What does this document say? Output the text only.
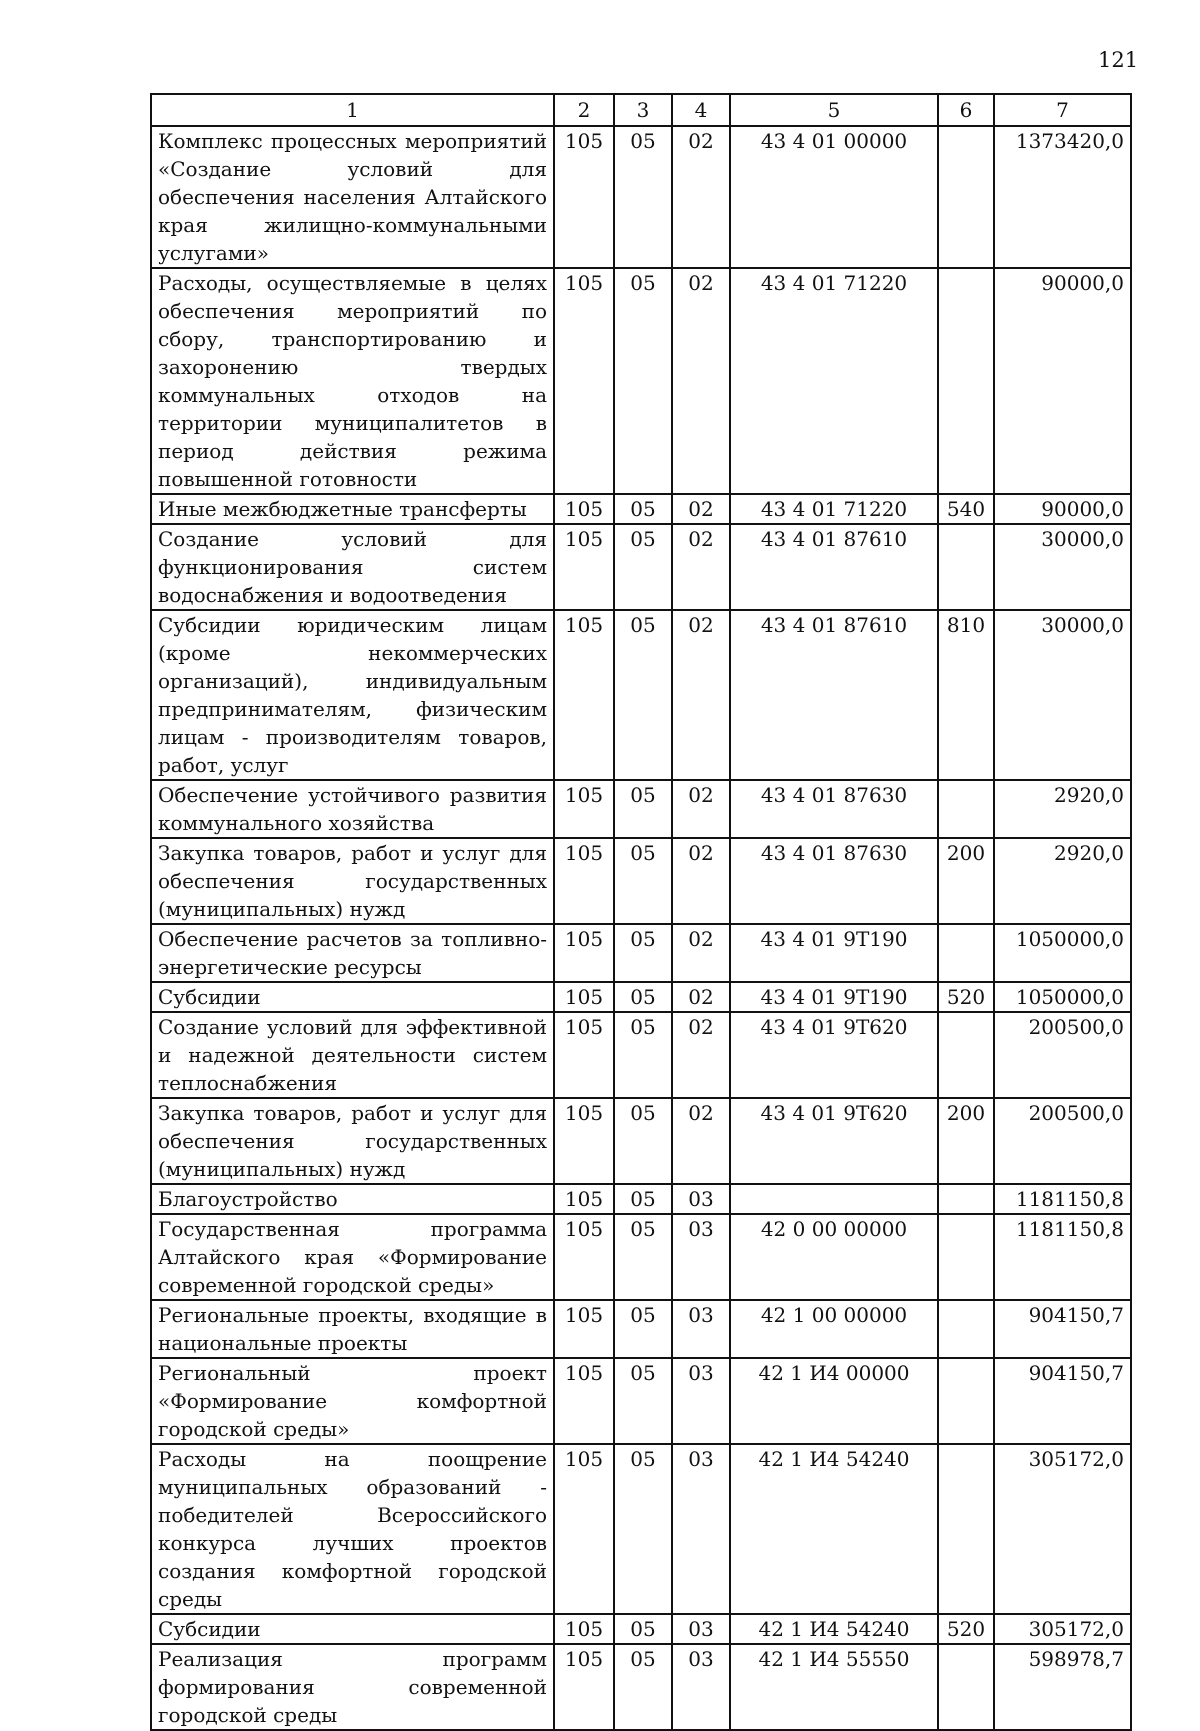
121
1	2	3	4	5	6	7
Комплекс процессных мероприятий «Создание условий для обеспечения населения Алтайского края жилищно-коммунальными услугами»	105	05	02	43 4 01 00000		1373420,0
Расходы, осуществляемые в целях обеспечения мероприятий по сбору, транспортированию и захоронению твердых коммунальных отходов на территории муниципалитетов в период действия режима повышенной готовности	105	05	02	43 4 01 71220		90000,0
Иные межбюджетные трансферты	105	05	02	43 4 01 71220	540	90000,0
Создание условий для функционирования систем водоснабжения и водоотведения	105	05	02	43 4 01 87610		30000,0
Субсидии юридическим лицам (кроме некоммерческих организаций), индивидуальным предпринимателям, физическим лицам - производителям товаров, работ, услуг	105	05	02	43 4 01 87610	810	30000,0
Обеспечение устойчивого развития коммунального хозяйства	105	05	02	43 4 01 87630		2920,0
Закупка товаров, работ и услуг для обеспечения государственных (муниципальных) нужд	105	05	02	43 4 01 87630	200	2920,0
Обеспечение расчетов за топливно-энергетические ресурсы	105	05	02	43 4 01 9Т190		1050000,0
Субсидии	105	05	02	43 4 01 9Т190	520	1050000,0
Создание условий для эффективной и надежной деятельности систем теплоснабжения	105	05	02	43 4 01 9Т620		200500,0
Закупка товаров, работ и услуг для обеспечения государственных (муниципальных) нужд	105	05	02	43 4 01 9Т620	200	200500,0
Благоустройство	105	05	03			1181150,8
Государственная программа Алтайского края «Формирование современной городской среды»	105	05	03	42 0 00 00000		1181150,8
Региональные проекты, входящие в национальные проекты	105	05	03	42 1 00 00000		904150,7
Региональный проект «Формирование комфортной городской среды»	105	05	03	42 1 И4 00000		904150,7
Расходы на поощрение муниципальных образований - победителей Всероссийского конкурса лучших проектов создания комфортной городской среды	105	05	03	42 1 И4 54240		305172,0
Субсидии	105	05	03	42 1 И4 54240	520	305172,0
Реализация программ формирования современной городской среды	105	05	03	42 1 И4 55550		598978,7
